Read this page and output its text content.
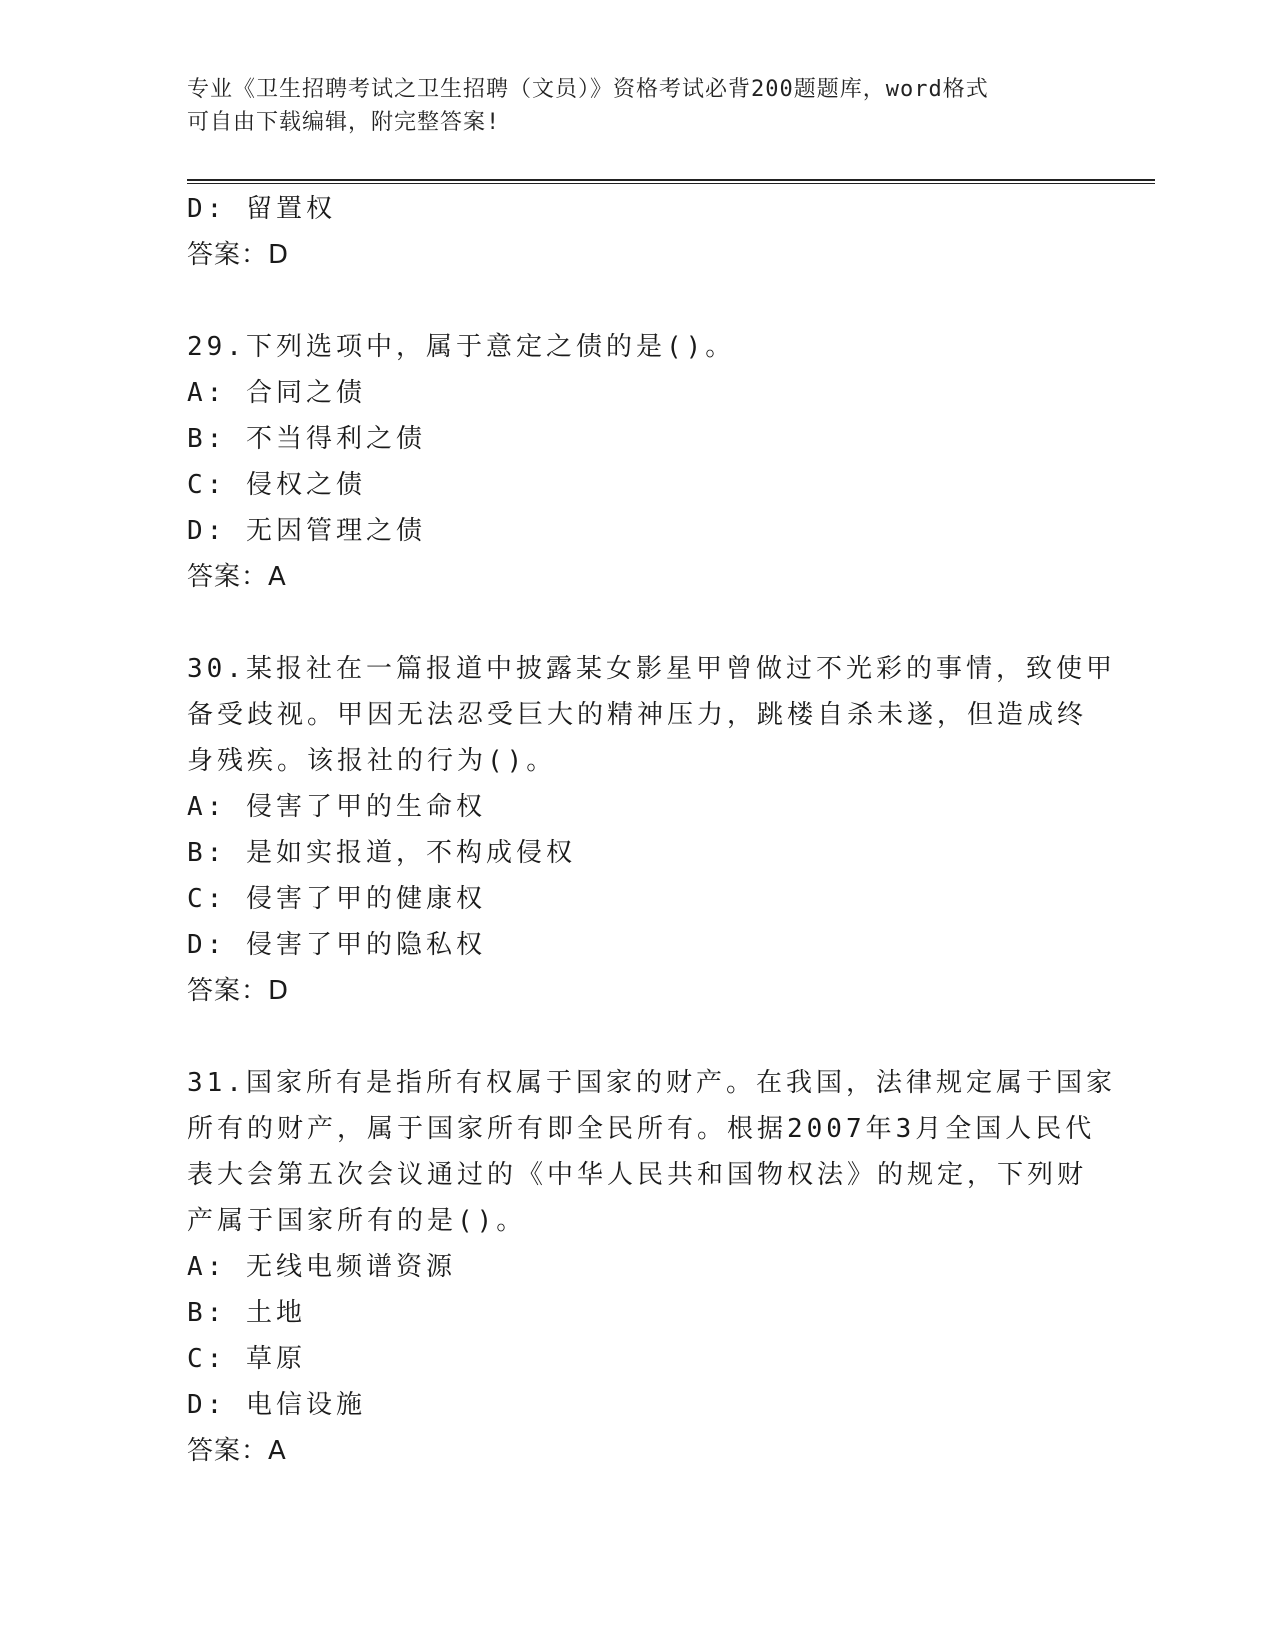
专业《卫生招聘考试之卫生招聘（文员）》资格考试必背200题题库，word格式
可自由下载编辑，附完整答案!
D: 留置权
答案：D
29.下列选项中，属于意定之债的是()。
A: 合同之债
B: 不当得利之债
C: 侵权之债
D: 无因管理之债
答案：A
30.某报社在一篇报道中披露某女影星甲曾做过不光彩的事情，致使甲
备受歧视。甲因无法忍受巨大的精神压力，跳楼自杀未遂，但造成终
身残疾。该报社的行为()。
A: 侵害了甲的生命权
B: 是如实报道，不构成侵权
C: 侵害了甲的健康权
D: 侵害了甲的隐私权
答案：D
31.国家所有是指所有权属于国家的财产。在我国，法律规定属于国家
所有的财产，属于国家所有即全民所有。根据2007年3月全国人民代
表大会第五次会议通过的《中华人民共和国物权法》的规定，下列财
产属于国家所有的是()。
A: 无线电频谱资源
B: 土地
C: 草原
D: 电信设施
答案：A
